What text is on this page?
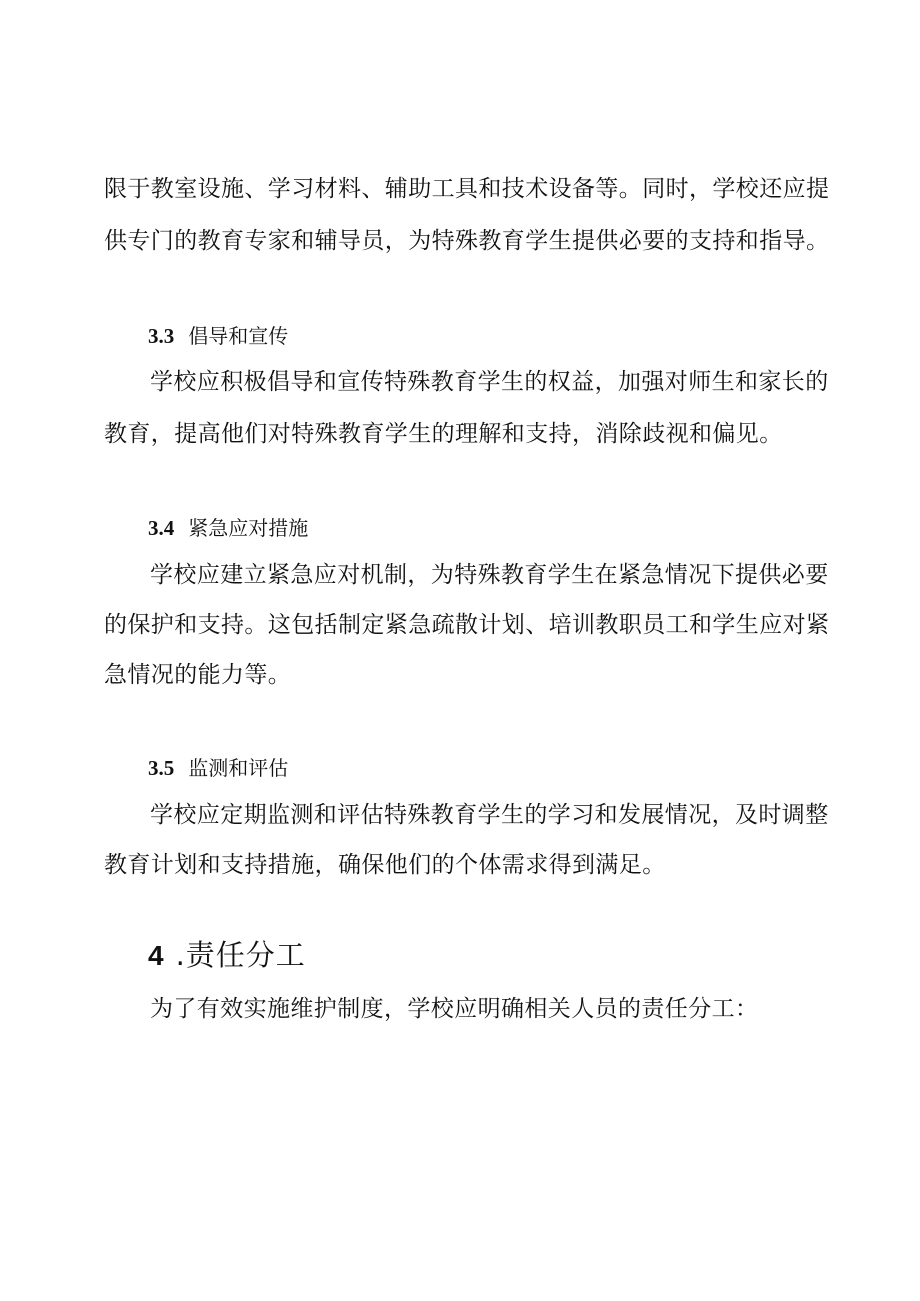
限于教室设施、学习材料、辅助工具和技术设备等。同时，学校还应提
供专门的教育专家和辅导员，为特殊教育学生提供必要的支持和指导。
3.3 倡导和宣传
学校应积极倡导和宣传特殊教育学生的权益，加强对师生和家长的
教育，提高他们对特殊教育学生的理解和支持，消除歧视和偏见。
3.4 紧急应对措施
学校应建立紧急应对机制，为特殊教育学生在紧急情况下提供必要
的保护和支持。这包括制定紧急疏散计划、培训教职员工和学生应对紧
急情况的能力等。
3.5 监测和评估
学校应定期监测和评估特殊教育学生的学习和发展情况，及时调整
教育计划和支持措施，确保他们的个体需求得到满足。
4 .责任分工
为了有效实施维护制度，学校应明确相关人员的责任分工：
